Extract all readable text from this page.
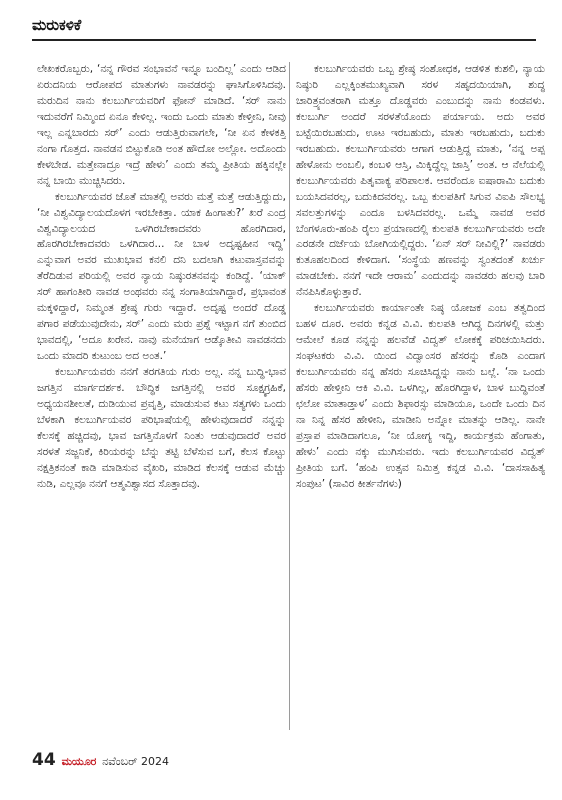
ಮರುಕಳಿಕೆ

ಲೇಖಕರೊಬ್ಬರು, ‘ನನ್ನ ಗೌರವ ಸಂಭಾವನೆ ಇನ್ನೂ ಬಂದಿಲ್ಲ’ ಎಂದು ಆಡಿದ ಏರುದನಿಯ ಆರೋಪದ ಮಾತುಗಳು ನಾವಡರನ್ನು ಘಾಸಿಗೊಳಿಸಿದವು. ಮರುದಿನ ನಾನು ಕಲಬುರ್ಗಿಯವರಿಗೆ ಫೋನ್ ಮಾಡಿದೆ. ‘ಸರ್ ನಾನು ಇದುವರೆಗೆ ನಿಮ್ಮಿಂದ ಏನೂ ಕೇಳಿಲ್ಲ. ಇಂದು ಒಂದು ಮಾತು ಕೇಳ್ತೀನಿ, ನೀವು ಇಲ್ಲ ಎನ್ನಬಾರದು ಸರ್’ ಎಂದು ಆಡುತ್ತಿರುವಾಗಲೇ, ‘ನೀ ಏನ ಕೇಳಕತ್ತಿ ನಂಗಾ ಗೊತ್ತದ. ನಾವಡನ ಬಿಟ್ಟುಕೊಡಿ ಅಂತ ಹೌದೋ ಅಲ್ಲೋ. ಅದೊಂದು ಕೇಳಬೇಡ. ಮತ್ತೇನಾದ್ರೂ ಇದ್ರೆ ಹೇಳು’ ಎಂದು ತಮ್ಮ ಪ್ರೀತಿಯ ಹಕ್ಕಿನಲ್ಲೇ ನನ್ನ ಬಾಯಿ ಮುಚ್ಚಿಸಿದರು.

ಕಲಬುರ್ಗಿಯವರ ಜೊತೆ ಮಾತಲ್ಲಿ ಅವರು ಮತ್ತೆ ಮತ್ತೆ ಆಡುತ್ತಿದ್ದುದು, ‘ನೀ ವಿಶ್ವವಿದ್ಯಾಲಯದೊಳಗ ಇರಬೇಕಿತ್ತಾ. ಯಾಕ ಹಿಂಗಾತು?’ ಖರೆ ಎಂದ್ರ ವಿಶ್ವವಿದ್ಯಾಲಯದ ಒಳಗಿರಬೇಕಾದವರು ಹೊರಗಿದಾರ, ಹೊರಗಿರಬೇಕಾದವರು ಒಳಗಿದಾರ... ನೀ ಬಾಳ ಅದೃಷ್ಟಹೀನ ಇದ್ದಿ’ ಎನ್ನುವಾಗ ಅವರ ಮುಖಭಾವ ಕನಲಿ ದನಿ ಬದಲಾಗಿ ಕಟುವಾಸ್ತವವನ್ನು ತೆರೆದಿಡುವ ಪರಿಯಲ್ಲಿ ಅವರ ನ್ಯಾಯ ನಿಷ್ಠುರತನವನ್ನು ಕಂಡಿದ್ದೆ. ‘ಯಾಕ್ ಸರ್ ಹಾಗಂತೀರಿ ನಾವಡ ಅಂಥವರು ನನ್ನ ಸಂಗಾತಿಯಾಗಿದ್ದಾರೆ, ಪ್ರಭಾವಂತ ಮಕ್ಕಳಿದ್ದಾರೆ, ನಿಮ್ಮಂತ ಶ್ರೇಷ್ಠ ಗುರು ಇದ್ದಾರೆ. ಅದೃಷ್ಟ ಅಂದರೆ ದೊಡ್ಡ ಪಗಾರ ಪಡೆಯುವುದೇನು, ಸರ್’ ಎಂದು ಮರು ಪ್ರಶ್ನೆ ಇಟ್ಟಾಗ ನಗೆ ತುಂಬಿದ ಭಾವದಲ್ಲಿ, ‘ಅದೂ ಖರೇನ. ನಾವು ಮನೆಯಾಗ ಆಡ್ಕೊತೀವಿ ನಾವಡನದು ಒಂದು ಮಾದರಿ ಕುಟುಂಬ ಅದ ಅಂತ.’

ಕಲಬುರ್ಗಿಯವರು ನನಗೆ ತರಗತಿಯ ಗುರು ಅಲ್ಲ. ನನ್ನ ಬುದ್ಧಿ-ಭಾವ ಜಗತ್ತಿನ ಮಾರ್ಗದರ್ಶಕ. ಬೌದ್ಧಿಕ ಜಗತ್ತಿನಲ್ಲಿ ಅವರ ಸೂಕ್ಷ್ಮಗ್ರಹಿಕೆ, ಅಧ್ಯಯನಶೀಲತೆ, ದುಡಿಯುವ ಪ್ರವೃತ್ತಿ, ಮಾಡುಸುವ ಕಟು ಸತ್ಯಗಳು ಒಂದು ಬೆಳಕಾಗಿ ಕಲಬುರ್ಗಿಯವರ ಪರಿಭಾಷೆಯಲ್ಲಿ ಹೇಳುವುದಾದರೆ ನನ್ನನ್ನು ಕೆಲಸಕ್ಕೆ ಹಚ್ಚಿದವು, ಭಾವ ಜಗತ್ತಿನೊಳಗೆ ನಿಂತು ಆಡುವುದಾದರೆ ಅವರ ಸರಳತೆ ಸಜ್ಜನಿಕೆ, ಕಿರಿಯರನ್ನು ಬೆನ್ನು ತಟ್ಟಿ ಬೆಳೆಸುವ ಬಗೆ, ಕೆಲಸ ಕೊಟ್ಟು ನಕ್ಷತ್ರಿಕನಂತೆ ಕಾಡಿ ಮಾಡಿಸುವ ವೈಖರಿ, ಮಾಡಿದ ಕೆಲಸಕ್ಕೆ ಆಡುವ ಮೆಚ್ಚು ನುಡಿ, ಎಲ್ಲವೂ ನನಗೆ ಆತ್ಮವಿಶ್ವಾಸದ ಸೊತ್ತಾದವು.

ಕಲಬುರ್ಗಿಯವರು ಒಬ್ಬ ಶ್ರೇಷ್ಠ ಸಂಶೋಧಕ, ಆಡಳಿತ ಕುಶಲಿ, ನ್ಯಾಯ ನಿಷ್ಠುರಿ ಎಲ್ಲಕ್ಕಿಂತಮುಖ್ಯವಾಗಿ ಸರಳ ಸಹೃದಯಿಯಾಗಿ, ಶುದ್ಧ ಚಾರಿತ್ರ್ಯವಂತರಾಗಿ ಮತ್ತೂ ದೊಡ್ಡವರು ಎಂಬುದನ್ನು ನಾನು ಕಂಡವಳು. ಕಲಬುರ್ಗಿ ಅಂದರೆ ಸರಳತೆಯೊಂದು ಪರ್ಯಾಯ. ಅದು ಅವರ ಬಟ್ಟೆಯಿರಬಹುದು, ಊಟ ಇರಬಹುದು, ಮಾತು ಇರಬಹುದು, ಬದುಕು ಇರಬಹುದು. ಕಲಬುರ್ಗಿಯವರು ಆಗಾಗ ಆಡುತ್ತಿದ್ದ ಮಾತು, ‘ನನ್ನ ಅಪ್ಪ ಹೇಳೋನು ಅಂಬಲಿ, ಕಂಬಳಿ ಆಸ್ತಿ, ಮಿಕ್ಕಿದ್ದೆಲ್ಲ ಜಾಸ್ತಿ’ ಅಂತ. ಆ ನೆಲೆಯಲ್ಲಿ ಕಲಬುರ್ಗಿಯವರು ಪಿತೃವಾಕ್ಯ ಪರಿಪಾಲಕ. ಆವರೆಂದೂ ಐಷಾರಾಮಿ ಬದುಕು ಬಯಸಿದವರಲ್ಲ, ಬದುಕಿದವರಲ್ಲ. ಒಬ್ಬ ಕುಲಪತಿಗೆ ಸಿಗುವ ವಿಐಪಿ ಸೌಲಭ್ಯ ಸವಲತ್ತುಗಳನ್ನು ಎಂದೂ ಬಳಸಿದವರಲ್ಲ. ಒಮ್ಮೆ ನಾವಡ ಅವರ ಬೆಂಗಳೂರು-ಹಂಪಿ ರೈಲು ಪ್ರಯಾಣದಲ್ಲಿ ಕುಲಪತಿ ಕಲಬುರ್ಗಿಯವರು ಅದೇ ಎರಡನೇ ದರ್ಜೆಯ ಬೋಗಿಯಲ್ಲಿದ್ದರು. ‘ಏನ್ ಸರ್ ನೀವಿಲ್ಲಿ?’ ನಾವಡರು ಕುತೂಹಲದಿಂದ ಕೇಳಿದಾಗ. ‘ಸಂಸ್ಥೆಯ ಹಣವನ್ನು ಸ್ವಂತದಂತೆ ಖರ್ಚು ಮಾಡಬೇಕು. ನನಗೆ ಇದೇ ಆರಾಮ’ ಎಂದುದನ್ನು ನಾವಡರು ಹಲವು ಬಾರಿ ನೆನಪಿಸಿಕೊಳ್ಳುತ್ತಾರೆ.

ಕಲಬುರ್ಗಿಯವರು ಕಾರ್ಯಾಂತೇ ನಿಷ್ಠ ಯೋಜಕ ಎಂಬ ತತ್ವದಿಂದ ಬಹಳ ದೂರ. ಅವರು ಕನ್ನಡ ವಿ.ವಿ. ಕುಲಪತಿ ಆಗಿದ್ದ ದಿನಗಳಲ್ಲಿ ಮತ್ತು ಆಮೇಲೆ ಕೂಡ ನನ್ನನ್ನು ಹಲವೆಡೆ ವಿದ್ವತ್ ಲೋಕಕ್ಕೆ ಪರಿಚಯಿಸಿದರು. ಸಂಘಟಕರು ವಿ.ವಿ. ಯಿಂದ ವಿದ್ವಾಂಸರ ಹೆಸರನ್ನು ಕೊಡಿ ಎಂದಾಗ ಕಲಬುರ್ಗಿಯವರು ನನ್ನ ಹೆಸರು ಸೂಚಿಸಿದ್ದನ್ನು ನಾನು ಬಲ್ಲೆ. ‘ನಾ ಒಂದು ಹೆಸರು ಹೇಳ್ತೀನಿ ಆಕಿ ವಿ.ವಿ. ಒಳಗಿಲ್ಲ, ಹೊರಗಿದ್ದಾಳ, ಬಾಳ ಬುದ್ಧಿವಂತೆ ಛಲೋ ಮಾತಾಡ್ತಾಳ’ ಎಂದು ಶಿಫಾರಸ್ಸು ಮಾಡಿಯೂ, ಒಂದೇ ಒಂದು ದಿನ ನಾ ನಿನ್ನ ಹೆಸರ ಹೇಳೀನಿ, ಮಾಡೀನಿ ಅನ್ನೋ ಮಾತನ್ನು ಆಡಿಲ್ಲ. ನಾನೇ ಪ್ರಸ್ತಾಪ ಮಾಡಿದಾಗಲೂ, ‘ನೀ ಯೋಗ್ಯ ಇದ್ದಿ, ಕಾರ್ಯಕ್ರಮ ಹೆಂಗಾತು, ಹೇಳು’ ಎಂದು ನಕ್ಕು ಮುಗಿಸುವರು. ಇದು ಕಲಬುರ್ಗಿಯವರ ವಿದ್ವತ್ ಪ್ರೀತಿಯ ಬಗೆ. ‘ಹಂಪಿ ಉತ್ಸವ ನಿಮಿತ್ತ ಕನ್ನಡ ವಿ.ವಿ. ‘ದಾಸಸಾಹಿತ್ಯ ಸಂಪುಟ’ (ಸಾವಿರ ಕೀರ್ತನೆಗಳು)

44 ಮಯೂರ ನವೆಂಬರ್ 2024
